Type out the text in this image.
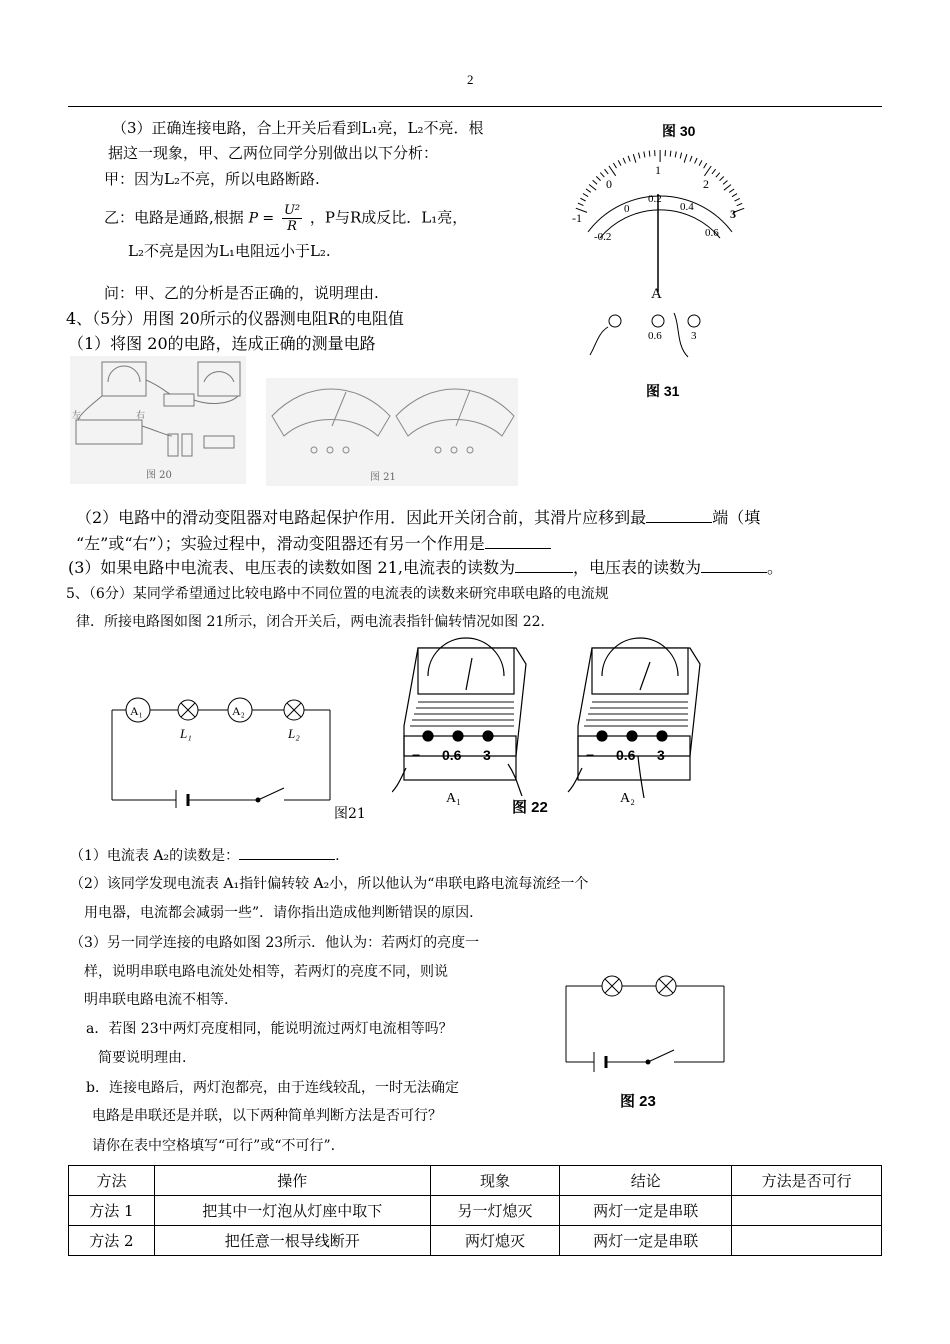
2
（3）正确连接电路，合上开关后看到L₁亮，L₂不亮．根
据这一现象，甲、乙两位同学分别做出以下分析：
甲：因为L₂不亮，所以电路断路.
乙：电路是通路,根据 $P = \frac{\text{U²}}{R}$ ，P与R成反比．L₁亮，
L₂不亮是因为L₁电阻远小于L₂.
问：甲、乙的分析是否正确的，说明理由.
图 30
1
2
3
0
-1
0
0.2
0.4
0.6
-0.2
A
0.6	3
图 31
4、（5分）用图 20所示的仪器测电阻R的电阻值
（1）将图 20的电路，连成正确的测量电路
左	右
图 20	图 21
（2）电路中的滑动变阻器对电路起保护作用．因此开关闭合前，其滑片应移到最	端（填
“左”或“右”）；实验过程中，滑动变阻器还有另一个作用是
(3）如果电路中电流表、电压表的读数如图 21,电流表的读数为	，电压表的读数为	。
5、（6分）某同学希望通过比较电路中不同位置的电流表的读数来研究串联电路的电流规
律．所接电路图如图 21所示，闭合开关后，两电流表指针偏转情况如图 22．
A₁	A₂
L₁	L₂
图21
− 0.6 3	− 0.6 3
A₁	A₂
图 22
（1）电流表 A₂的读数是：	.
（2）该同学发现电流表 A₁指针偏转较 A₂小，所以他认为“串联电路电流每流经一个
用电器，电流都会减弱一些”．请你指出造成他判断错误的原因.
（3）另一同学连接的电路如图 23所示．他认为：若两灯的亮度一
样，说明串联电路电流处处相等，若两灯的亮度不同，则说
明串联电路电流不相等.
a．若图 23中两灯亮度相同，能说明流过两灯电流相等吗？
简要说明理由.
b．连接电路后，两灯泡都亮，由于连线较乱，一时无法确定
电路是串联还是并联，以下两种简单判断方法是否可行？
请你在表中空格填写“可行”或“不可行”.
图 23
方法	操作	现象	结论	方法是否可行
方法 1	把其中一灯泡从灯座中取下	另一灯熄灭	两灯一定是串联	
方法 2	把任意一根导线断开	两灯熄灭	两灯一定是串联	
